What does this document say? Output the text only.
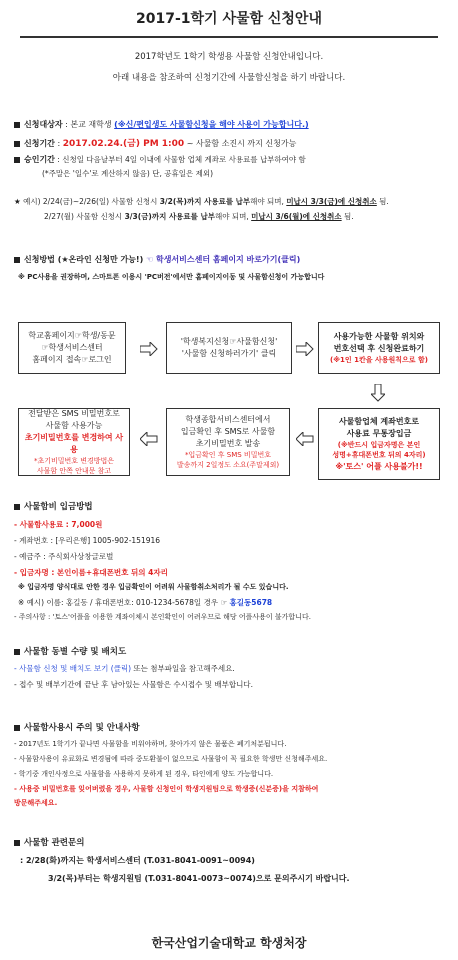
2017-1학기 사물함 신청안내
2017학년도 1학기 학생용 사물함 신청안내입니다.
아래 내용을 참조하여 신청기간에 사물함신청을 하기 바랍니다.
신청대상자 : 본교 재학생 (※신/편입생도 사물함신청을 해야 사용이 가능합니다.)
신청기간 : 2017.02.24.(금) PM 1:00 ~ 사물함 소진시 까지 신청가능
승인기간 : 신청일 다음날부터 4일 이내에 사물함 업체 계좌로 사용료를 납부하여야 함
(*주말은 '일수'로 계산하지 않음) 단, 공휴일은 제외)
★ 예시) 2/24(금)~2/26(일) 사물함 신청시 3/2(목)까지 사용료를 납부해야 되며, 미납시 3/3(금)에 신청취소 됨.
2/27(월) 사물함 신청시 3/3(금)까지 사용료를 납부해야 되며, 미납시 3/6(월)에 신청취소 됨.
신청방법 (★온라인 신청만 가능!) ☜ 학생서비스센터 홈페이지 바로가기(클릭)
※ PC사용을 권장하며, 스마트폰 이용시 'PC버전'에서만 홈페이지이동 및 사물함신청이 가능합니다
학교홈페이지☞학생/동문
☞학생서비스센터
홈페이지 접속☞로그인
'학생복지신청☞사물함신청'
'사물함 신청하러가기' 클릭
사용가능한 사물함 위치와
번호선택 후 신청완료하기
(※1인 1칸을 사용원칙으로 함)
전달받은 SMS 비밀번호로
사물함 사용가능
초기비밀번호를 변경하여 사용
*초기비밀번호 변경방법은
사물함 안쪽 안내문 참고
학생종합서비스센터에서
입금확인 후 SMS로 사물함
초기비밀번호 발송
*입금확인 후 SMS 비밀번호
발송까지 2일정도 소요(주말제외)
사물함업체 계좌번호로
사용료 무통장입금
(※반드시 입금자명은 본인
성명+휴대폰번호 뒤의 4자리)
※'토스' 어플 사용불가!!
사물함비 입금방법
- 사물함사용료 : 7,000원
- 계좌번호 : [우리은행] 1005-902-151916
- 예금주 : 주식회사상창글로벌
- 입금자명 : 본인이름+휴대폰번호 뒤의 4자리
※ 입금자명 양식대로 안한 경우 입금확인이 어려워 사물함취소처리가 될 수도 있습니다.
※ 예시) 이름: 홍길동 / 휴대폰번호: 010-1234-5678일 경우 ☞ 홍길동5678
- 주의사항 : '토스'어플을 이용한 계좌이체시 본인확인이 어려우므로 해당 어플사용이 불가합니다.
사물함 동별 수량 및 배치도
- 사물함 신청 및 배치도 보기 (클릭) 또는 첨부파일을 참고해주세요.
- 접수 및 배부기간에 끝난 후 남아있는 사물함은 수시접수 및 배부합니다.
사물함사용시 주의 및 안내사항
- 2017년도 1학기가 끝나면 사물함을 비워야하며, 찾아가지 않은 물품은 폐기처분됩니다.
- 사물함사용이 유료화로 변경됨에 따라 중도환불이 없으므로 사물함이 꼭 필요한 학생만 신청해주세요.
- 학기중 개인사정으로 사물함을 사용하지 못하게 된 경우, 타인에게 양도 가능합니다.
- 사용중 비밀번호를 잊어버렸을 경우, 사물함 신청인이 학생지원팀으로 학생증(신분증)을 지참하여
방문해주세요.
사물함 관련문의
: 2/28(화)까지는 학생서비스센터 (T.031-8041-0091~0094)
3/2(목)부터는 학생지원팀 (T.031-8041-0073~0074)으로 문의주시기 바랍니다.
한국산업기술대학교 학생처장
